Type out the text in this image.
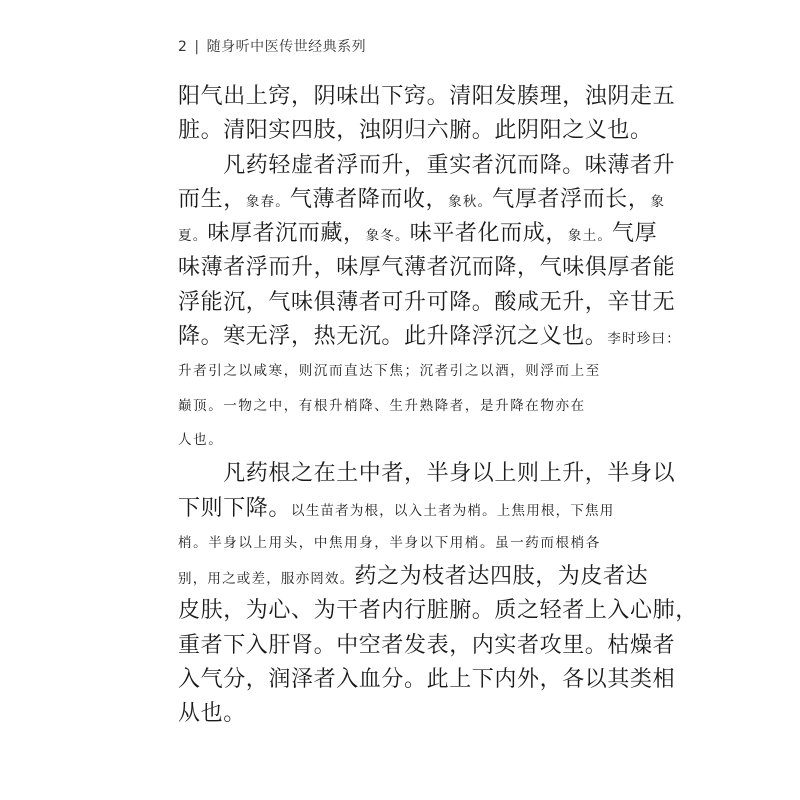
2 | 随身听中医传世经典系列
阳气出上窍，阴味出下窍。清阳发腠理，浊阴走五
脏。清阳实四肢，浊阴归六腑。此阴阳之义也。
　　凡药轻虚者浮而升，重实者沉而降。味薄者升
而生，象春。气薄者降而收，象秋。气厚者浮而长，象
夏。味厚者沉而藏，象冬。味平者化而成，象土。气厚
味薄者浮而升，味厚气薄者沉而降，气味俱厚者能
浮能沉，气味俱薄者可升可降。酸咸无升，辛甘无
降。寒无浮，热无沉。此升降浮沉之义也。李时珍曰：
升者引之以咸寒，则沉而直达下焦；沉者引之以酒，则浮而上至
巅顶。一物之中，有根升梢降、生升熟降者，是升降在物亦在
人也。
　　凡药根之在土中者，半身以上则上升，半身以
下则下降。以生苗者为根，以入土者为梢。上焦用根，下焦用
梢。半身以上用头，中焦用身，半身以下用梢。虽一药而根梢各
别，用之或差，服亦罔效。药之为枝者达四肢，为皮者达
皮肤，为心、为干者内行脏腑。质之轻者上入心肺，
重者下入肝肾。中空者发表，内实者攻里。枯燥者
入气分，润泽者入血分。此上下内外，各以其类相
从也。
